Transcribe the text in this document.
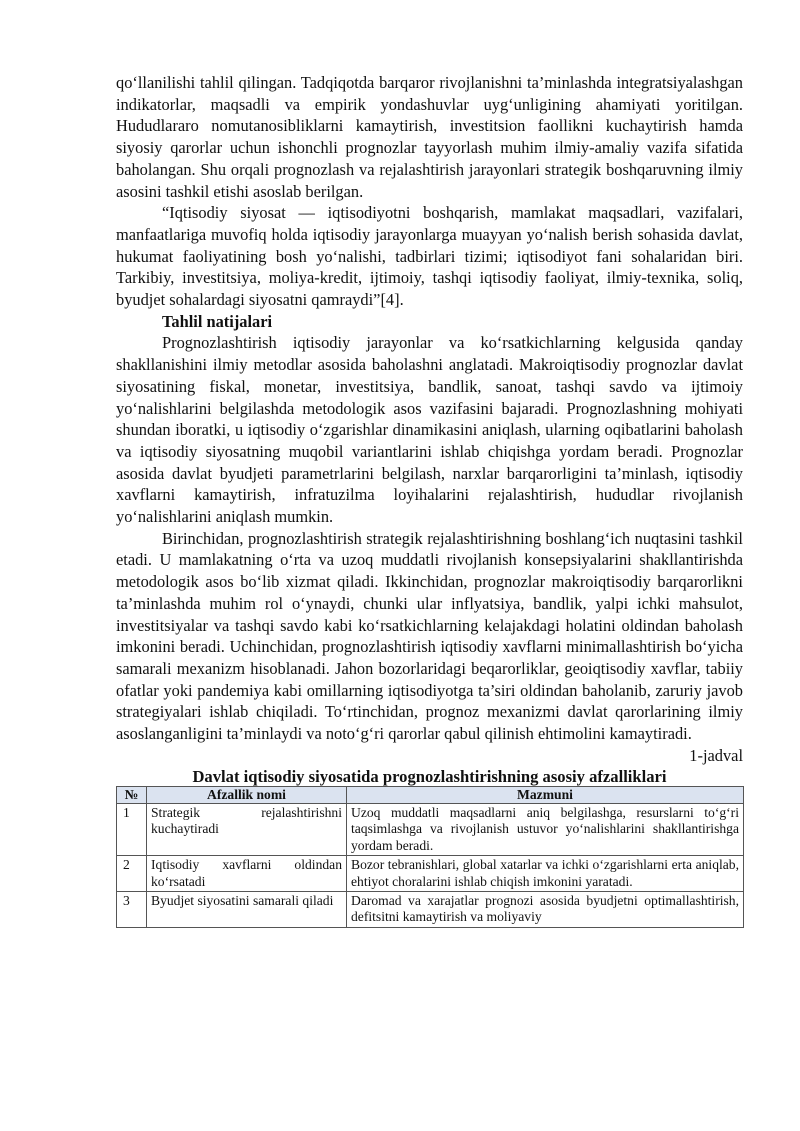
qo‘llanilishi tahlil qilingan. Tadqiqotda barqaror rivojlanishni ta’minlashda integratsiyalashgan indikatorlar, maqsadli va empirik yondashuvlar uyg‘unligining ahamiyati yoritilgan. Hududlararo nomutanosibliklarni kamaytirish, investitsion faollikni kuchaytirish hamda siyosiy qarorlar uchun ishonchli prognozlar tayyorlash muhim ilmiy-amaliy vazifa sifatida baholangan. Shu orqali prognozlash va rejalashtirish jarayonlari strategik boshqaruvning ilmiy asosini tashkil etishi asoslab berilgan.

“Iqtisodiy siyosat — iqtisodiyotni boshqarish, mamlakat maqsadlari, vazifalari, manfaatlariga muvofiq holda iqtisodiy jarayonlarga muayyan yo‘nalish berish sohasida davlat, hukumat faoliyatining bosh yo‘nalishi, tadbirlari tizimi; iqtisodiyot fani sohalaridan biri. Tarkibiy, investitsiya, moliya-kredit, ijtimoiy, tashqi iqtisodiy faoliyat, ilmiy-texnika, soliq, byudjet sohalardagi siyosatni qamraydi”[4].

Tahlil natijalari

Prognozlashtirish iqtisodiy jarayonlar va ko‘rsatkichlarning kelgusida qanday shakllanishini ilmiy metodlar asosida baholashni anglatadi. Makroiqtisodiy prognozlar davlat siyosatining fiskal, monetar, investitsiya, bandlik, sanoat, tashqi savdo va ijtimoiy yo‘nalishlarini belgilashda metodologik asos vazifasini bajaradi. Prognozlashning mohiyati shundan iboratki, u iqtisodiy o‘zgarishlar dinamikasini aniqlash, ularning oqibatlarini baholash va iqtisodiy siyosatning muqobil variantlarini ishlab chiqishga yordam beradi. Prognozlar asosida davlat byudjeti parametrlarini belgilash, narxlar barqarorligini ta’minlash, iqtisodiy xavflarni kamaytirish, infratuzilma loyihalarini rejalashtirish, hududlar rivojlanish yo‘nalishlarini aniqlash mumkin.

Birinchidan, prognozlashtirish strategik rejalashtirishning boshlang‘ich nuqtasini tashkil etadi. U mamlakatning o‘rta va uzoq muddatli rivojlanish konsepsiyalarini shakllantirishda metodologik asos bo‘lib xizmat qiladi. Ikkinchidan, prognozlar makroiqtisodiy barqarorlikni ta’minlashda muhim rol o‘ynaydi, chunki ular inflyatsiya, bandlik, yalpi ichki mahsulot, investitsiyalar va tashqi savdo kabi ko‘rsatkichlarning kelajakdagi holatini oldindan baholash imkonini beradi. Uchinchidan, prognozlashtirish iqtisodiy xavflarni minimallashtirish bo‘yicha samarali mexanizm hisoblanadi. Jahon bozorlaridagi beqarorliklar, geoiqtisodiy xavflar, tabiiy ofatlar yoki pandemiya kabi omillarning iqtisodiyotga ta’siri oldindan baholanib, zaruriy javob strategiyalari ishlab chiqiladi. To‘rtinchidan, prognoz mexanizmi davlat qarorlarining ilmiy asoslanganligini ta’minlaydi va noto‘g‘ri qarorlar qabul qilinish ehtimolini kamaytiradi.

1-jadval
Davlat iqtisodiy siyosatida prognozlashtirishning asosiy afzalliklari
№	Afzallik nomi	Mazmuni
1	Strategik rejalashtirishni kuchaytiradi	Uzoq muddatli maqsadlarni aniq belgilashga, resurslarni to‘g‘ri taqsimlashga va rivojlanish ustuvor yo‘nalishlarini shakllantirishga yordam beradi.
2	Iqtisodiy xavflarni oldindan ko‘rsatadi	Bozor tebranishlari, global xatarlar va ichki o‘zgarishlarni erta aniqlab, ehtiyot choralarini ishlab chiqish imkonini yaratadi.
3	Byudjet siyosatini samarali qiladi	Daromad va xarajatlar prognozi asosida byudjetni optimallashtirish, defitsitni kamaytirish va moliyaviy
